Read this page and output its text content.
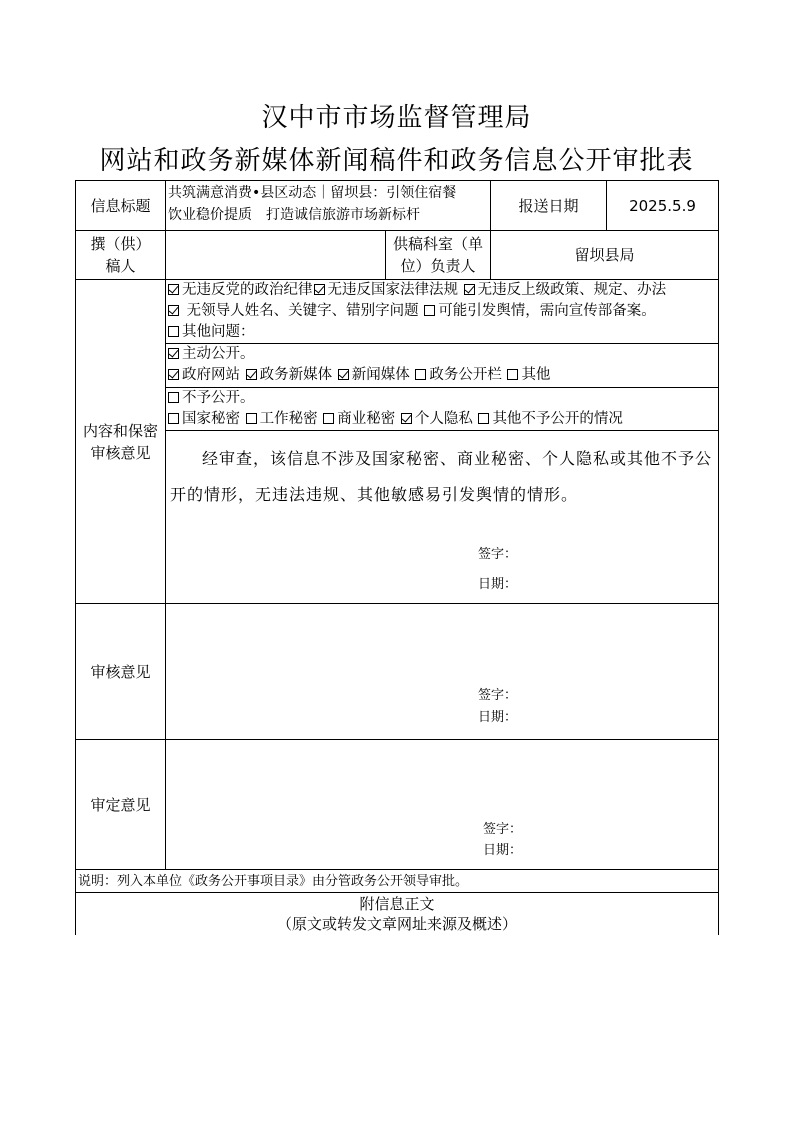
汉中市市场监督管理局
网站和政务新媒体新闻稿件和政务信息公开审批表
信息标题
共筑满意消费•县区动态｜留坝县：引领住宿餐
饮业稳价提质　打造诚信旅游市场新标杆
报送日期	2025.5.9
撰（供）稿人
供稿科室（单位）负责人
留坝县局
内容和保密审核意见
无违反党的政治纪律 无违反国家法律法规 无违反上级政策、规定、办法
无领导人姓名、关键字、错别字问题 可能引发舆情，需向宣传部备案。
其他问题：
主动公开。
政府网站 政务新媒体 新闻媒体 政务公开栏 其他
不予公开。
国家秘密 工作秘密 商业秘密 个人隐私 其他不予公开的情况
经审查，该信息不涉及国家秘密、商业秘密、个人隐私或其他不予公开的情形，无违法违规、其他敏感易引发舆情的情形。
签字：
日期：
审核意见
签字：
日期：
审定意见
签字：
日期：
说明：列入本单位《政务公开事项目录》由分管政务公开领导审批。
附信息正文
（原文或转发文章网址来源及概述）
